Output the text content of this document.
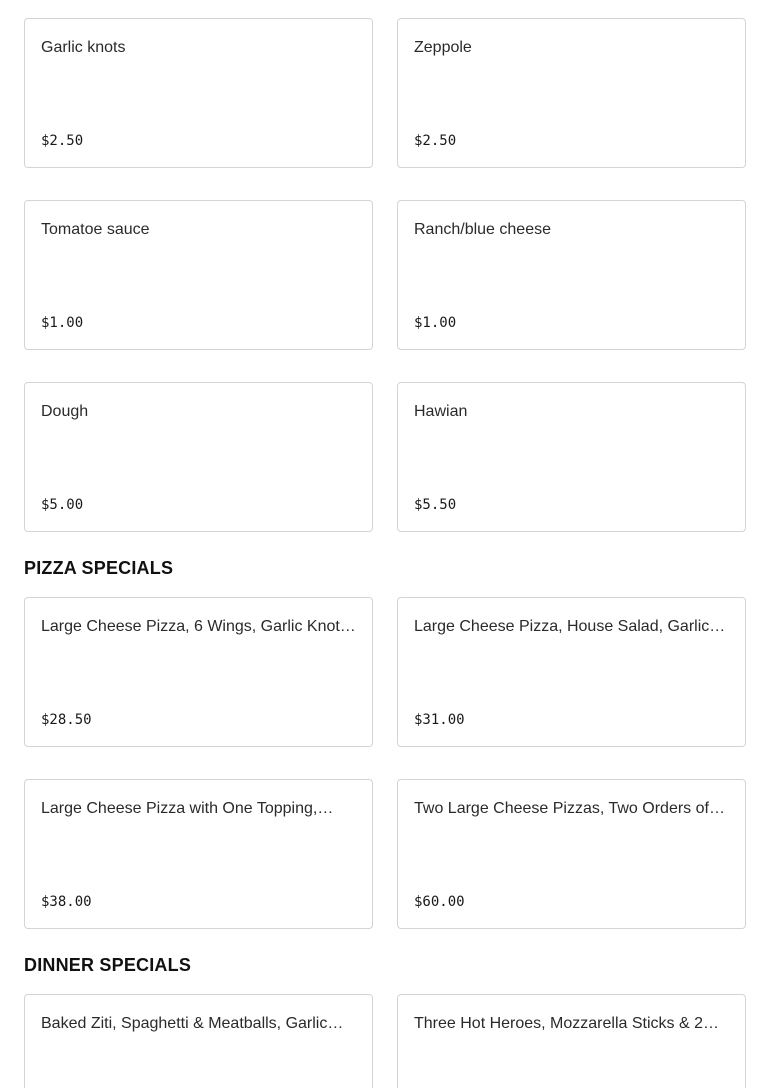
Garlic knots
$2.50
Zeppole
$2.50
Tomatoe sauce
$1.00
Ranch/blue cheese
$1.00
Dough
$5.00
Hawian
$5.50
PIZZA SPECIALS
Large Cheese Pizza, 6 Wings, Garlic Knot…
$28.50
Large Cheese Pizza, House Salad, Garlic…
$31.00
Large Cheese Pizza with One Topping,…
$38.00
Two Large Cheese Pizzas, Two Orders of…
$60.00
DINNER SPECIALS
Baked Ziti, Spaghetti & Meatballs, Garlic…	Three Hot Heroes, Mozzarella Sticks & 2…
